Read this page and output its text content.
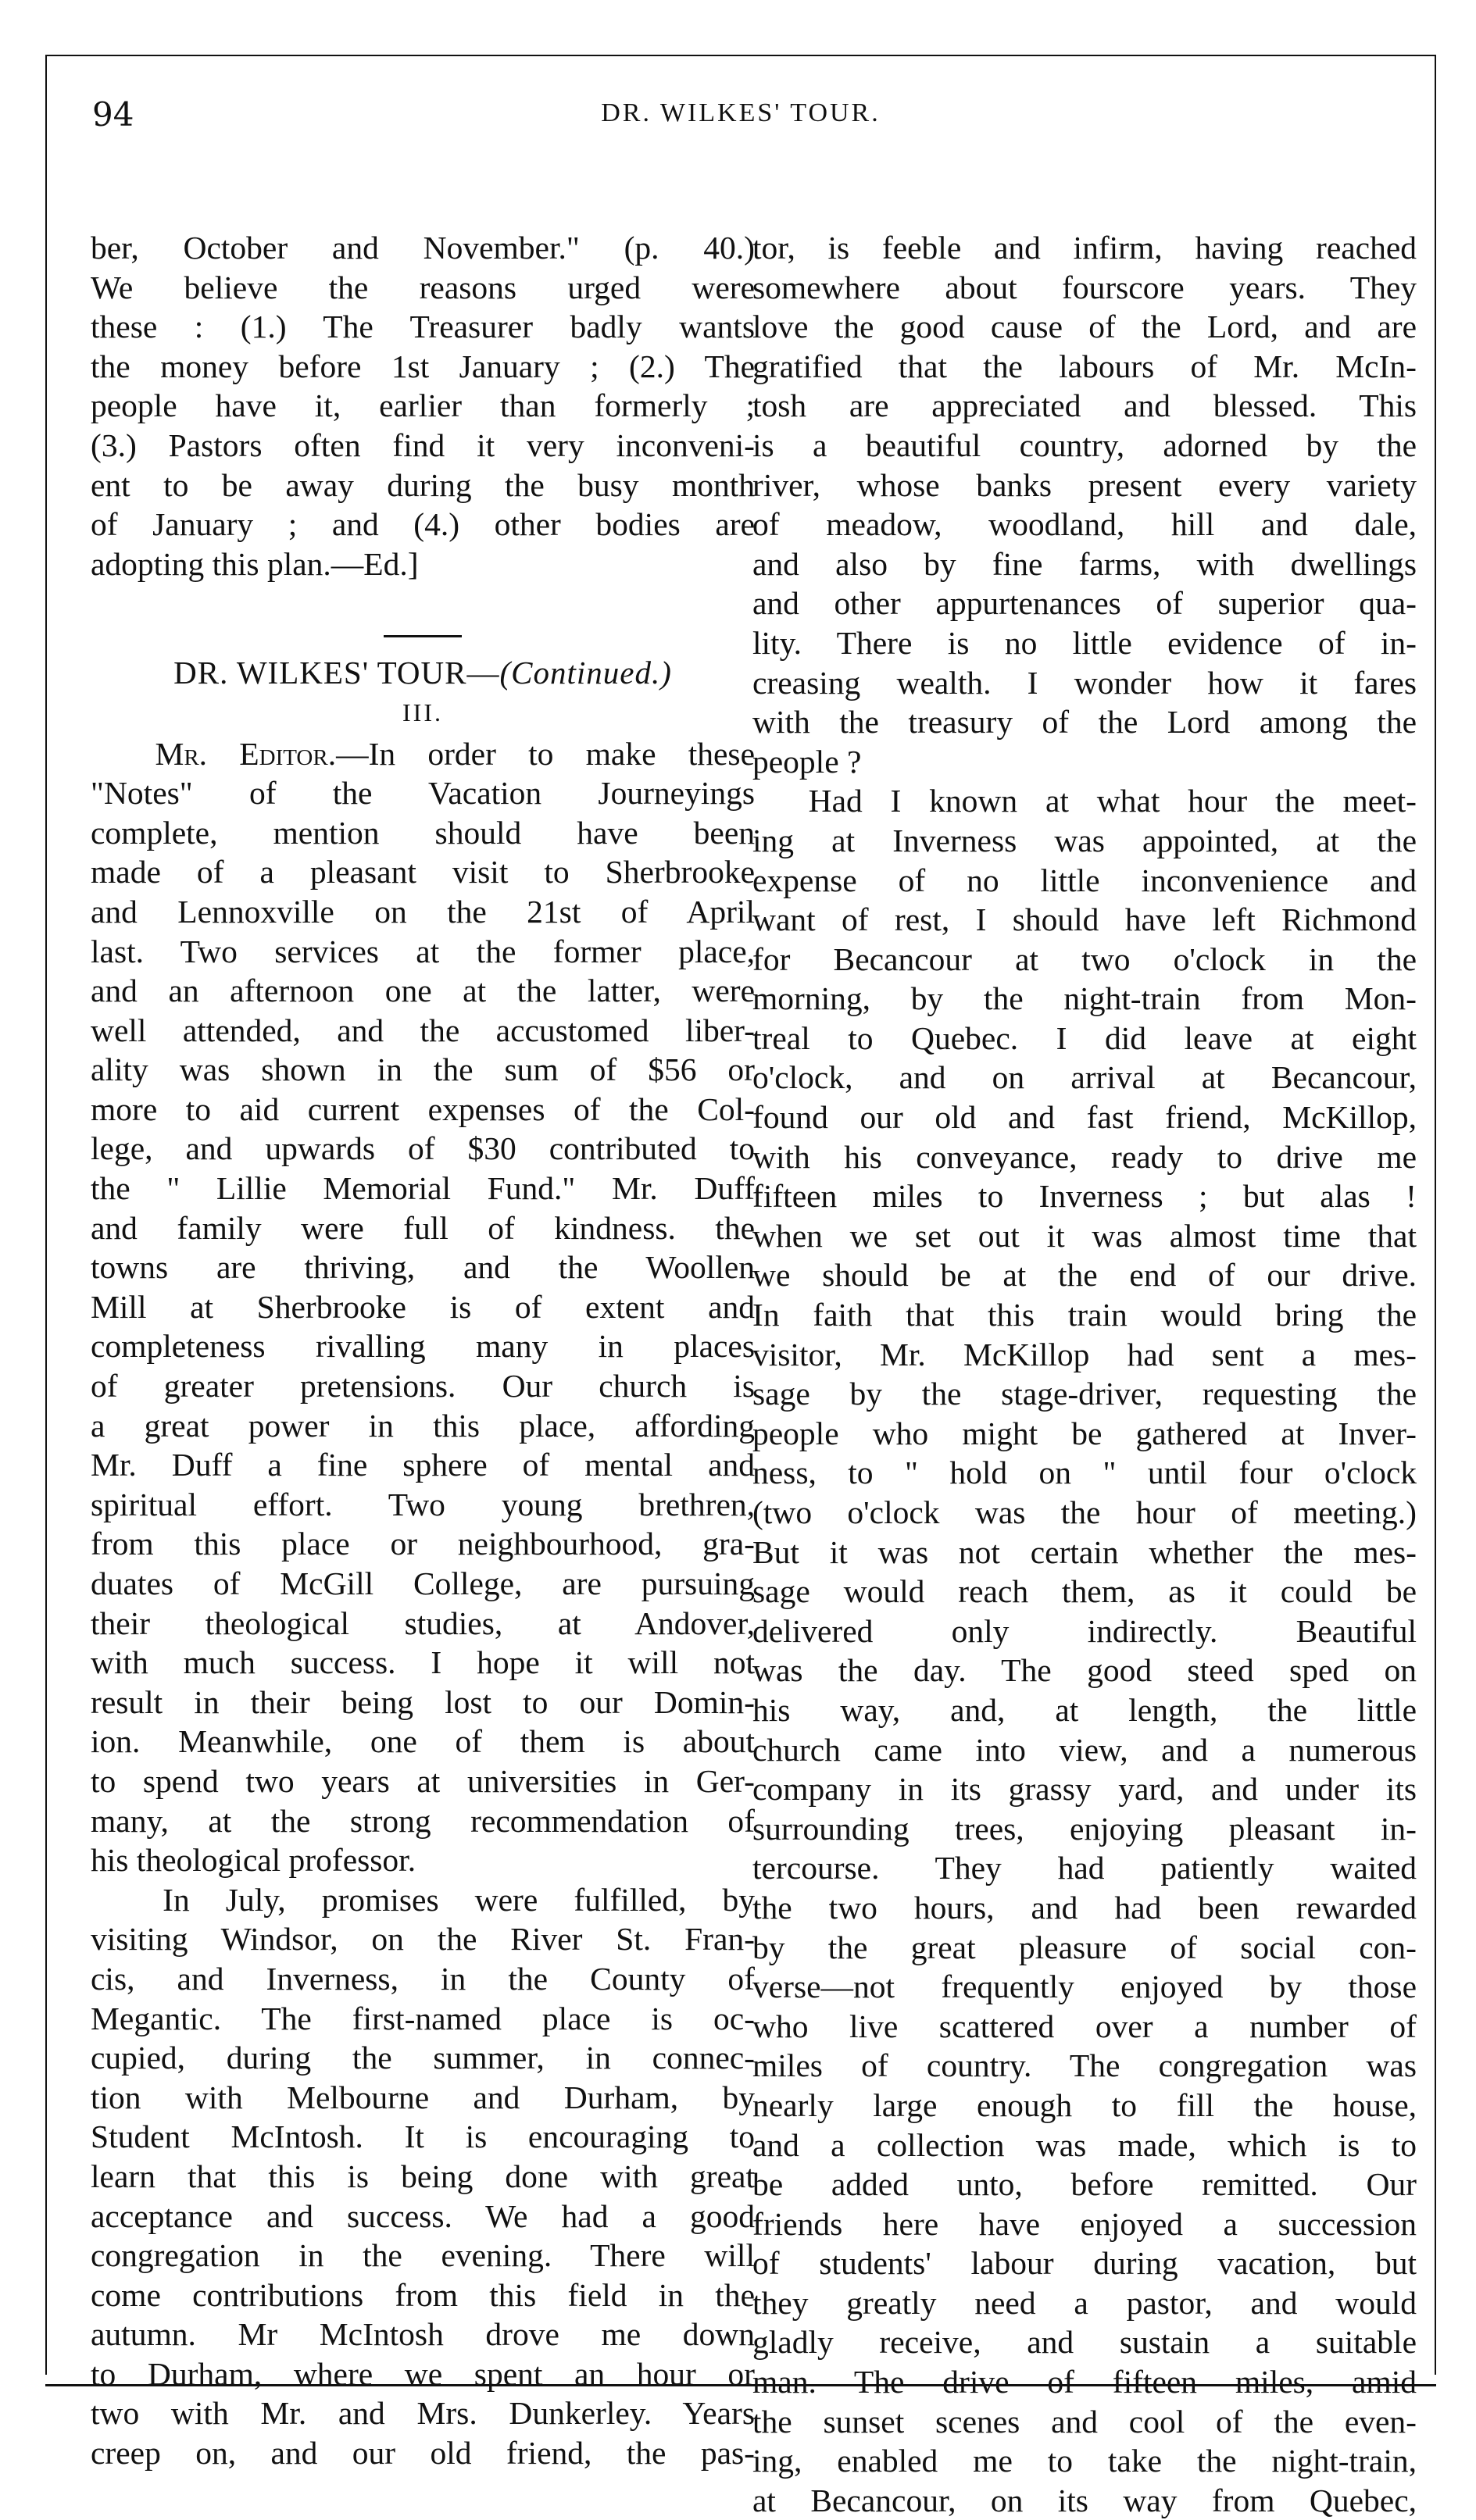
94	DR. WILKES' TOUR.
ber, October and November." (p. 40.)
We believe the reasons urged were
these : (1.) The Treasurer badly wants
the money before 1st January ; (2.) The
people have it, earlier than formerly ;
(3.) Pastors often find it very inconveni-
ent to be away during the busy month
of January ; and (4.) other bodies are
adopting this plan.—Ed.]
DR. WILKES' TOUR—(Continued.)
III.
Mr. Editor.—In order to make these
"Notes" of the Vacation Journeyings
complete, mention should have been
made of a pleasant visit to Sherbrooke
and Lennoxville on the 21st of April
last. Two services at the former place,
and an afternoon one at the latter, were
well attended, and the accustomed liber-
ality was shown in the sum of $56 or
more to aid current expenses of the Col-
lege, and upwards of $30 contributed to
the " Lillie Memorial Fund." Mr. Duff
and family were full of kindness. the
towns are thriving, and the Woollen
Mill at Sherbrooke is of extent and
completeness rivalling many in places
of greater pretensions. Our church is
a great power in this place, affording
Mr. Duff a fine sphere of mental and
spiritual effort. Two young brethren,
from this place or neighbourhood, gra-
duates of McGill College, are pursuing
their theological studies, at Andover,
with much success. I hope it will not
result in their being lost to our Domin-
ion. Meanwhile, one of them is about
to spend two years at universities in Ger-
many, at the strong recommendation of
his theological professor.
In July, promises were fulfilled, by
visiting Windsor, on the River St. Fran-
cis, and Inverness, in the County of
Megantic. The first-named place is oc-
cupied, during the summer, in connec-
tion with Melbourne and Durham, by
Student McIntosh. It is encouraging to
learn that this is being done with great
acceptance and success. We had a good
congregation in the evening. There will
come contributions from this field in the
autumn. Mr McIntosh drove me down
to Durham, where we spent an hour or
two with Mr. and Mrs. Dunkerley. Years
creep on, and our old friend, the pas-
tor, is feeble and infirm, having reached
somewhere about fourscore years. They
love the good cause of the Lord, and are
gratified that the labours of Mr. McIn-
tosh are appreciated and blessed. This
is a beautiful country, adorned by the
river, whose banks present every variety
of meadow, woodland, hill and dale,
and also by fine farms, with dwellings
and other appurtenances of superior qua-
lity. There is no little evidence of in-
creasing wealth. I wonder how it fares
with the treasury of the Lord among the
people ?
Had I known at what hour the meet-
ing at Inverness was appointed, at the
expense of no little inconvenience and
want of rest, I should have left Richmond
for Becancour at two o'clock in the
morning, by the night-train from Mon-
treal to Quebec. I did leave at eight
o'clock, and on arrival at Becancour,
found our old and fast friend, McKillop,
with his conveyance, ready to drive me
fifteen miles to Inverness ; but alas !
when we set out it was almost time that
we should be at the end of our drive.
In faith that this train would bring the
visitor, Mr. McKillop had sent a mes-
sage by the stage-driver, requesting the
people who might be gathered at Inver-
ness, to " hold on " until four o'clock
(two o'clock was the hour of meeting.)
But it was not certain whether the mes-
sage would reach them, as it could be
delivered only indirectly. Beautiful
was the day. The good steed sped on
his way, and, at length, the little
church came into view, and a numerous
company in its grassy yard, and under its
surrounding trees, enjoying pleasant in-
tercourse. They had patiently waited
the two hours, and had been rewarded
by the great pleasure of social con-
verse—not frequently enjoyed by those
who live scattered over a number of
miles of country. The congregation was
nearly large enough to fill the house,
and a collection was made, which is to
be added unto, before remitted. Our
friends here have enjoyed a succession
of students' labour during vacation, but
they greatly need a pastor, and would
gladly receive, and sustain a suitable
man. The drive of fifteen miles, amid
the sunset scenes and cool of the even-
ing, enabled me to take the night-train,
at Becancour, on its way from Quebec,
